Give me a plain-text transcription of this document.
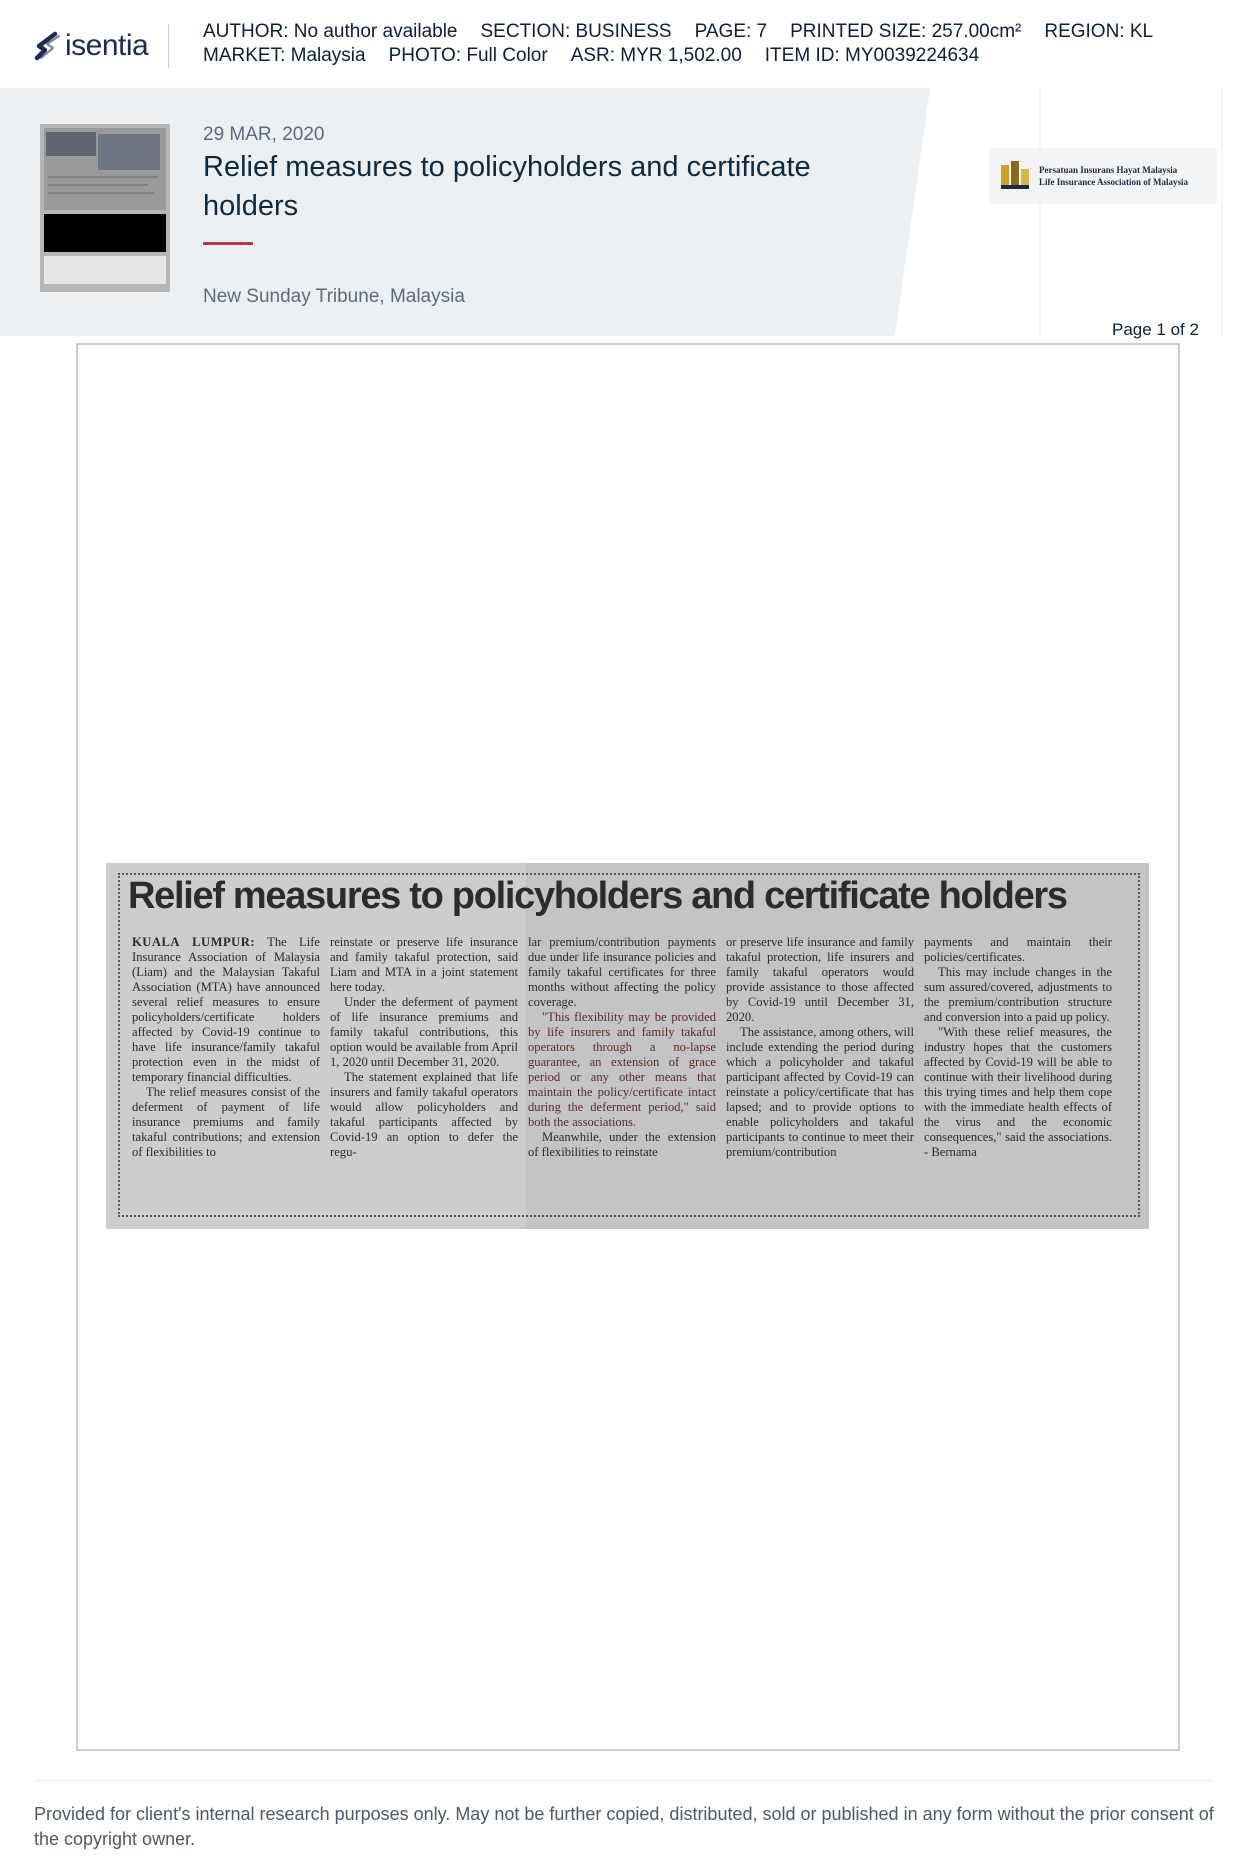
isentia	AUTHOR: No author available SECTION: BUSINESS PAGE: 7 PRINTED SIZE: 257.00cm² REGION: KL
MARKET: Malaysia PHOTO: Full Color ASR: MYR 1,502.00 ITEM ID: MY0039224634
29 MAR, 2020
Relief measures to policyholders and certificate holders
New Sunday Tribune, Malaysia
Page 1 of 2
Persatuan Insurans Hayat Malaysia
Life Insurance Association of Malaysia
Relief measures to policyholders and certificate holders

KUALA LUMPUR: The Life Insurance Association of Malaysia (Liam) and the Malaysian Takaful Association (MTA) have announced several relief measures to ensure policyholders/certificate holders affected by Covid-19 continue to have life insurance/family takaful protection even in the midst of temporary financial difficulties.

The relief measures consist of the deferment of payment of life insurance premiums and family takaful contributions; and extension of flexibilities to

reinstate or preserve life insurance and family takaful protection, said Liam and MTA in a joint statement here today.

Under the deferment of payment of life insurance premiums and family takaful contributions, this option would be available from April 1, 2020 until December 31, 2020.

The statement explained that life insurers and family takaful operators would allow policyholders and takaful participants affected by Covid-19 an option to defer the regu-

lar premium/contribution payments due under life insurance policies and family takaful certificates for three months without affecting the policy coverage.

"This flexibility may be provided by life insurers and family takaful operators through a no-lapse guarantee, an extension of grace period or any other means that maintain the policy/certificate intact during the deferment period," said both the associations.

Meanwhile, under the extension of flexibilities to reinstate

or preserve life insurance and family takaful protection, life insurers and family takaful operators would provide assistance to those affected by Covid-19 until December 31, 2020.

The assistance, among others, will include extending the period during which a policyholder and takaful participant affected by Covid-19 can reinstate a policy/certificate that has lapsed; and to provide options to enable policyholders and takaful participants to continue to meet their premium/contribution

payments and maintain their policies/certificates.

This may include changes in the sum assured/covered, adjustments to the premium/contribution structure and conversion into a paid up policy.

"With these relief measures, the industry hopes that the customers affected by Covid-19 will be able to continue with their livelihood during this trying times and help them cope with the immediate health effects of the virus and the economic consequences," said the associations. - Bernama

Provided for client's internal research purposes only. May not be further copied, distributed, sold or published in any form without the prior consent of the copyright owner.
